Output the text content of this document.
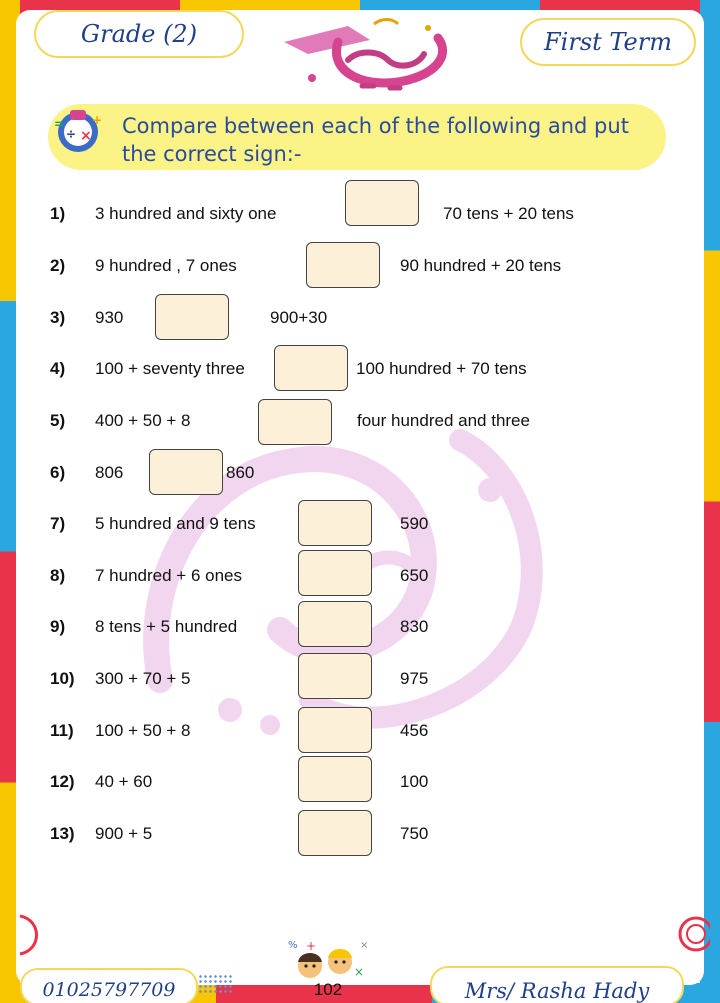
Grade (2)	First Term
÷ ×
= + Compare between each of the following and put the correct sign:-
1) 3 hundred and sixty one	70 tens + 20 tens
2) 9 hundred , 7 ones	90 hundred + 20 tens
3) 930	900+30
4) 100 + seventy three	100 hundred + 70 tens
5) 400 + 50 + 8	four hundred and three
6) 806	860
7) 5 hundred and 9 tens	590
8) 7 hundred + 6 ones	650
9) 8 tens + 5 hundred	830
10) 300 + 70 + 5	975
11) 100 + 50 + 8	456
12) 40 + 60	100
13) 900 + 5	750
% +	×
×
01025797709	102	Mrs/ Rasha Hady
